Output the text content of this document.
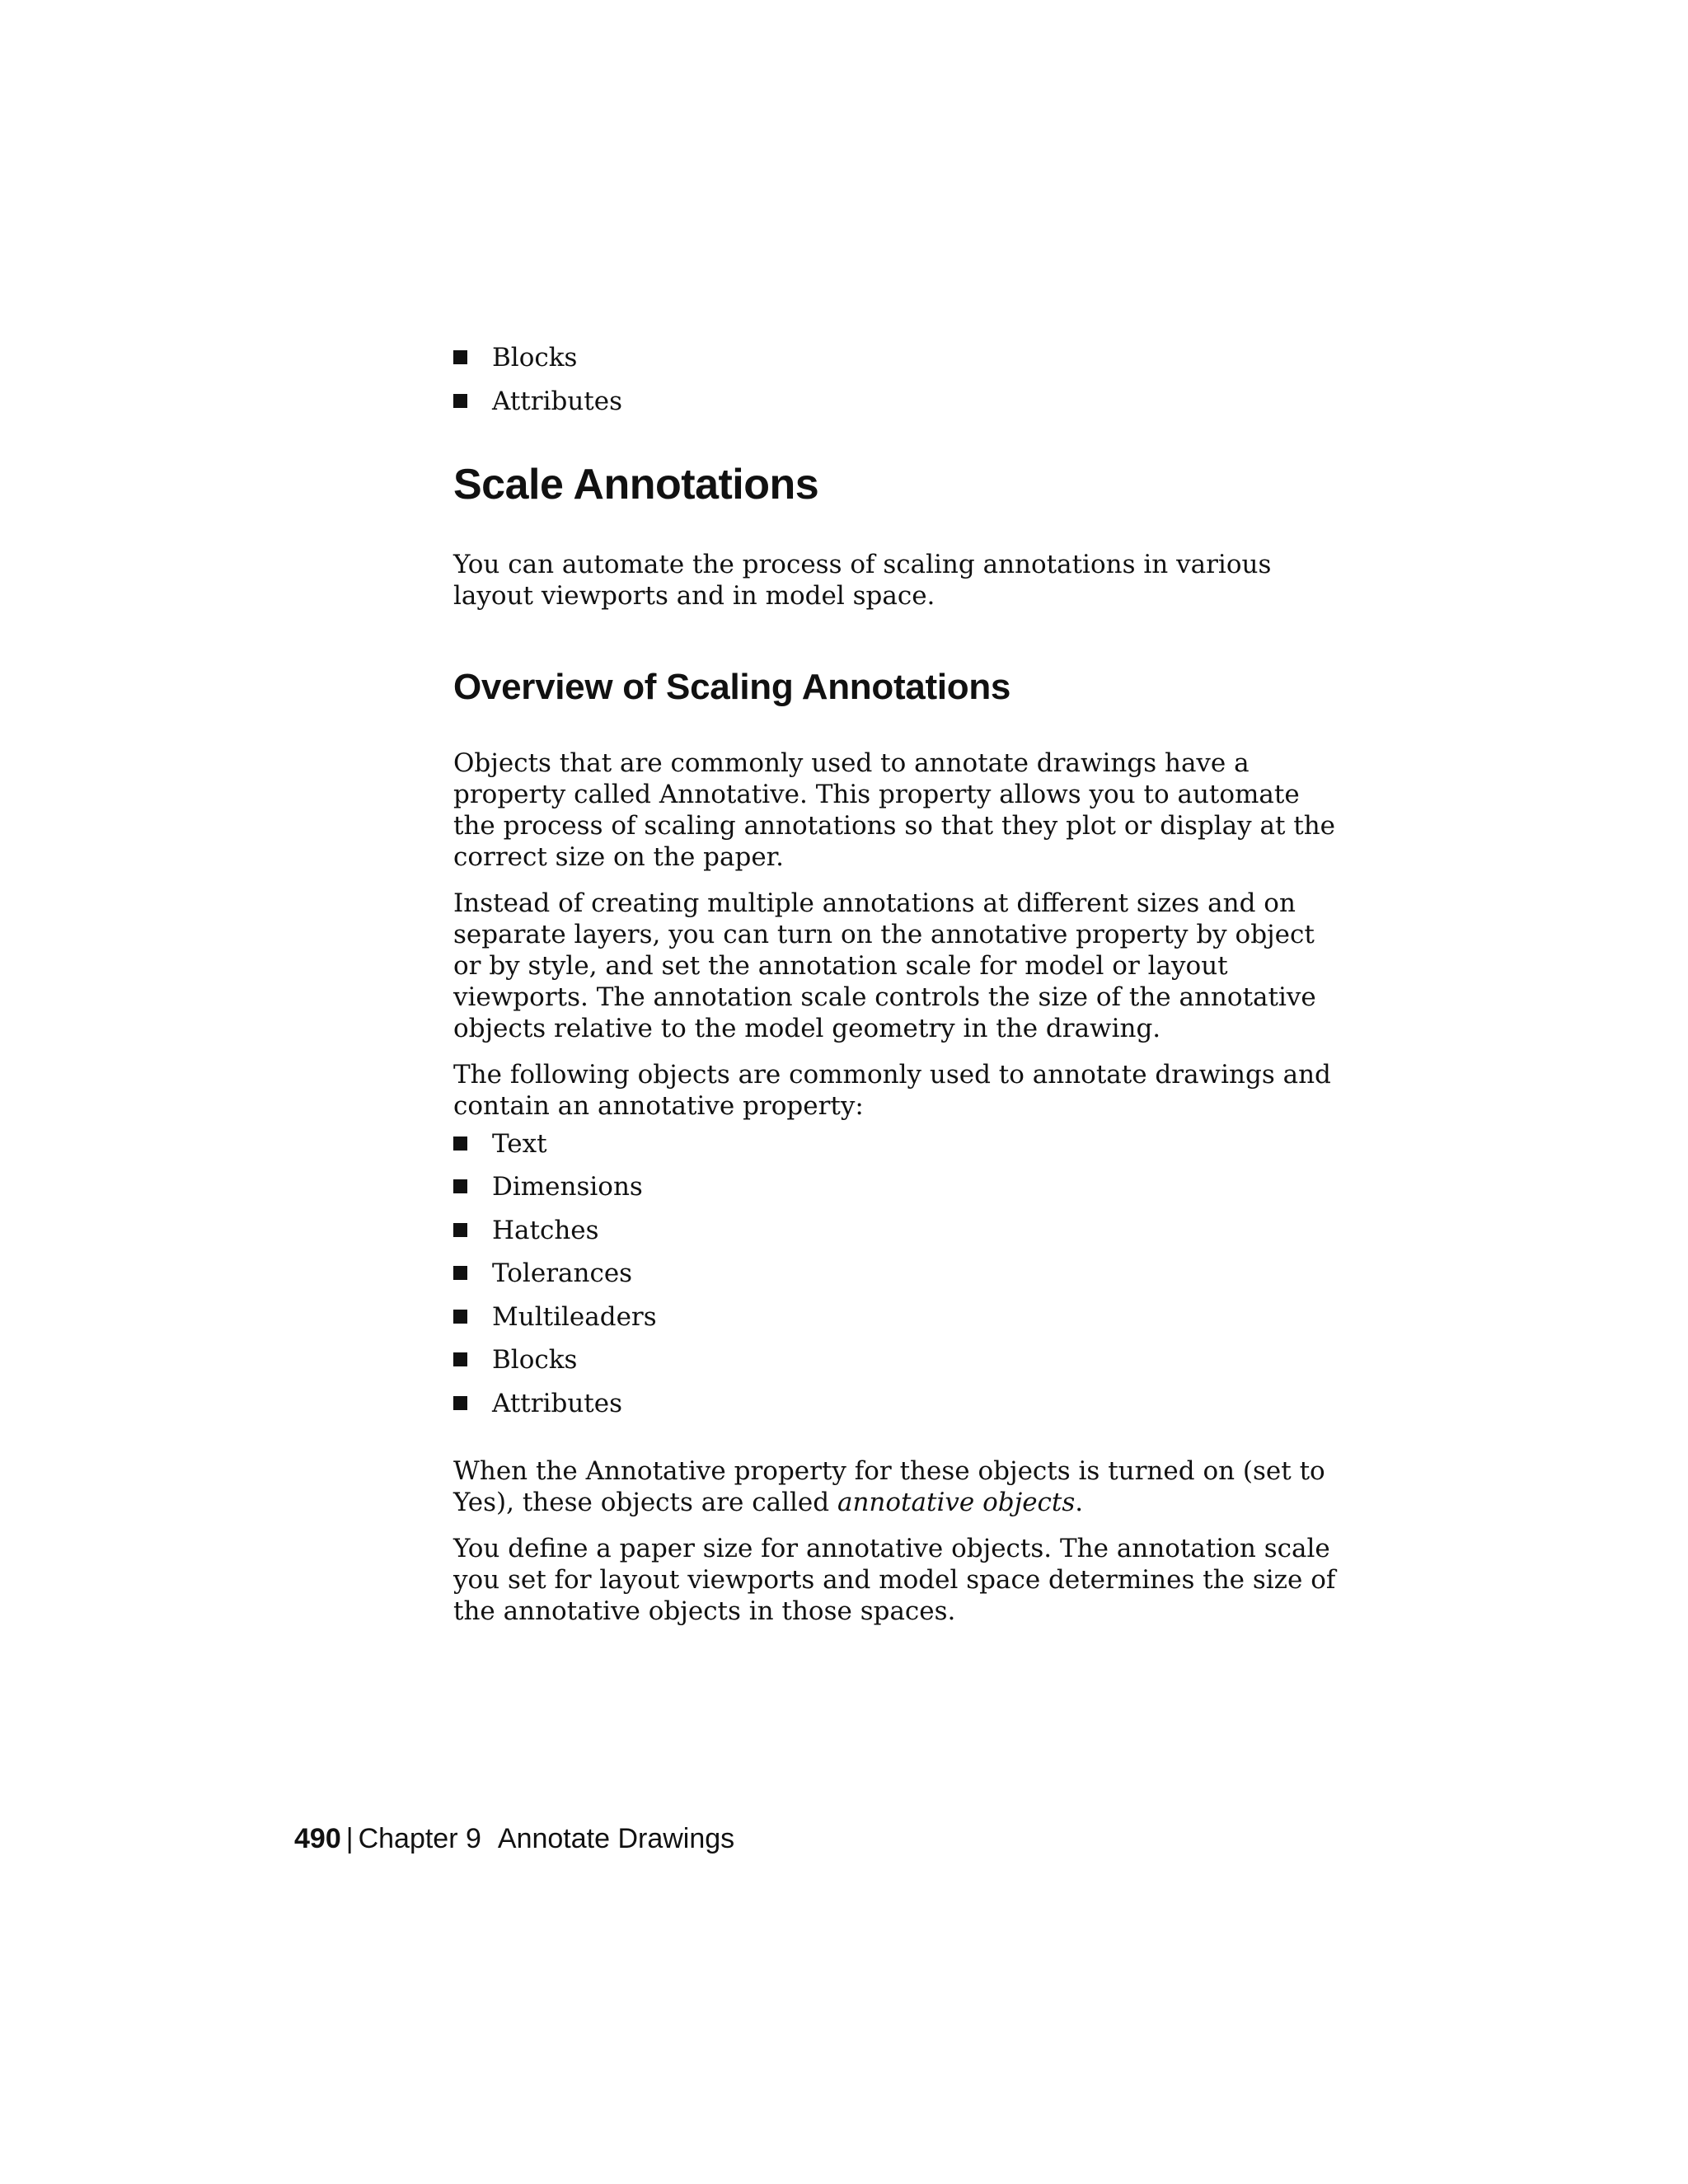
Blocks
Attributes
Scale Annotations

You can automate the process of scaling annotations in various layout viewports and in model space.

Overview of Scaling Annotations

Objects that are commonly used to annotate drawings have a property called Annotative. This property allows you to automate the process of scaling annotations so that they plot or display at the correct size on the paper.

Instead of creating multiple annotations at different sizes and on separate layers, you can turn on the annotative property by object or by style, and set the annotation scale for model or layout viewports. The annotation scale controls the size of the annotative objects relative to the model geometry in the drawing.

The following objects are commonly used to annotate drawings and contain an annotative property:

Text
Dimensions
Hatches
Tolerances
Multileaders
Blocks
Attributes

When the Annotative property for these objects is turned on (set to Yes), these objects are called annotative objects.

You define a paper size for annotative objects. The annotation scale you set for layout viewports and model space determines the size of the annotative objects in those spaces.

490 | Chapter 9 Annotate Drawings
